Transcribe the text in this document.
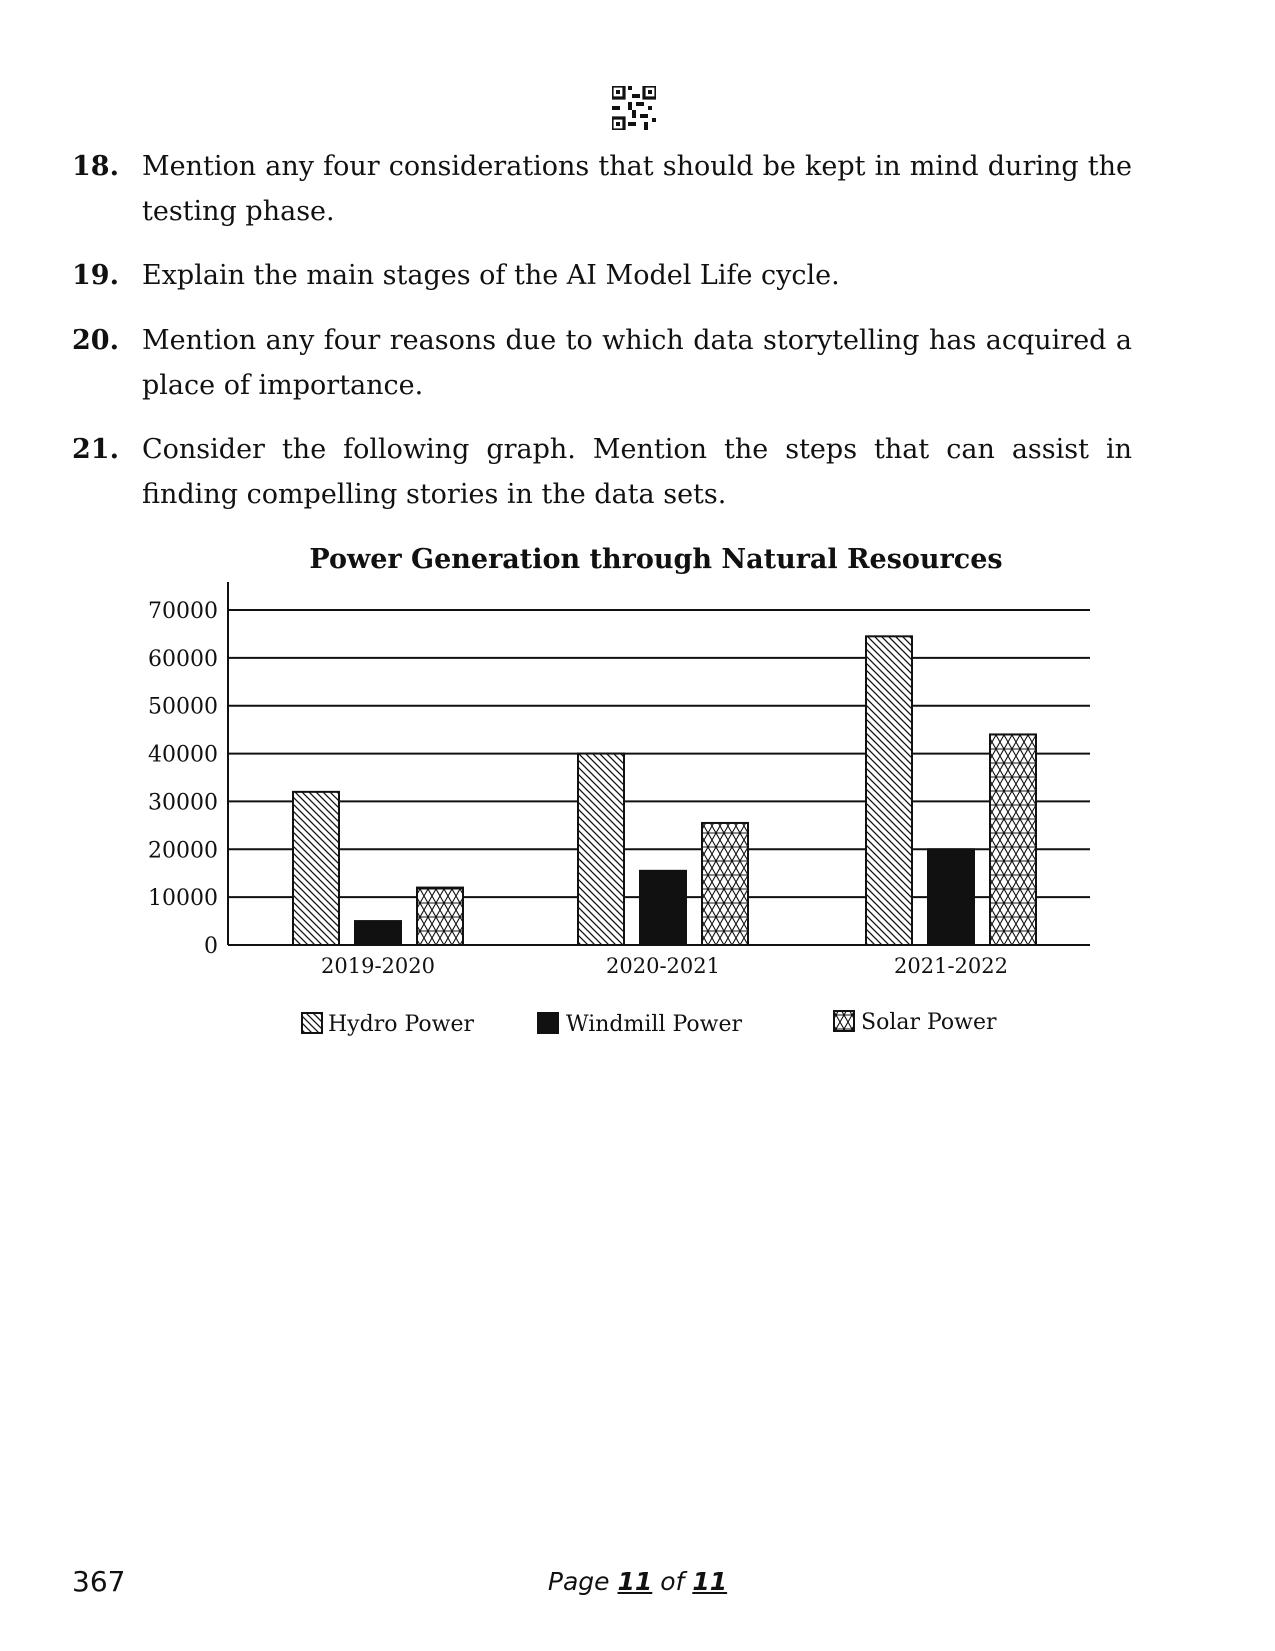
18. Mention any four considerations that should be kept in mind during the testing phase.
19. Explain the main stages of the AI Model Life cycle.
20. Mention any four reasons due to which data storytelling has acquired a place of importance.
21. Consider the following graph. Mention the steps that can assist in finding compelling stories in the data sets.
Power Generation through Natural Resources
0
10000
20000
30000
40000
50000
60000
70000
2019-2020	2020-2021	2021-2022
Hydro Power	Windmill Power	Solar Power
367	Page 11 of 11
